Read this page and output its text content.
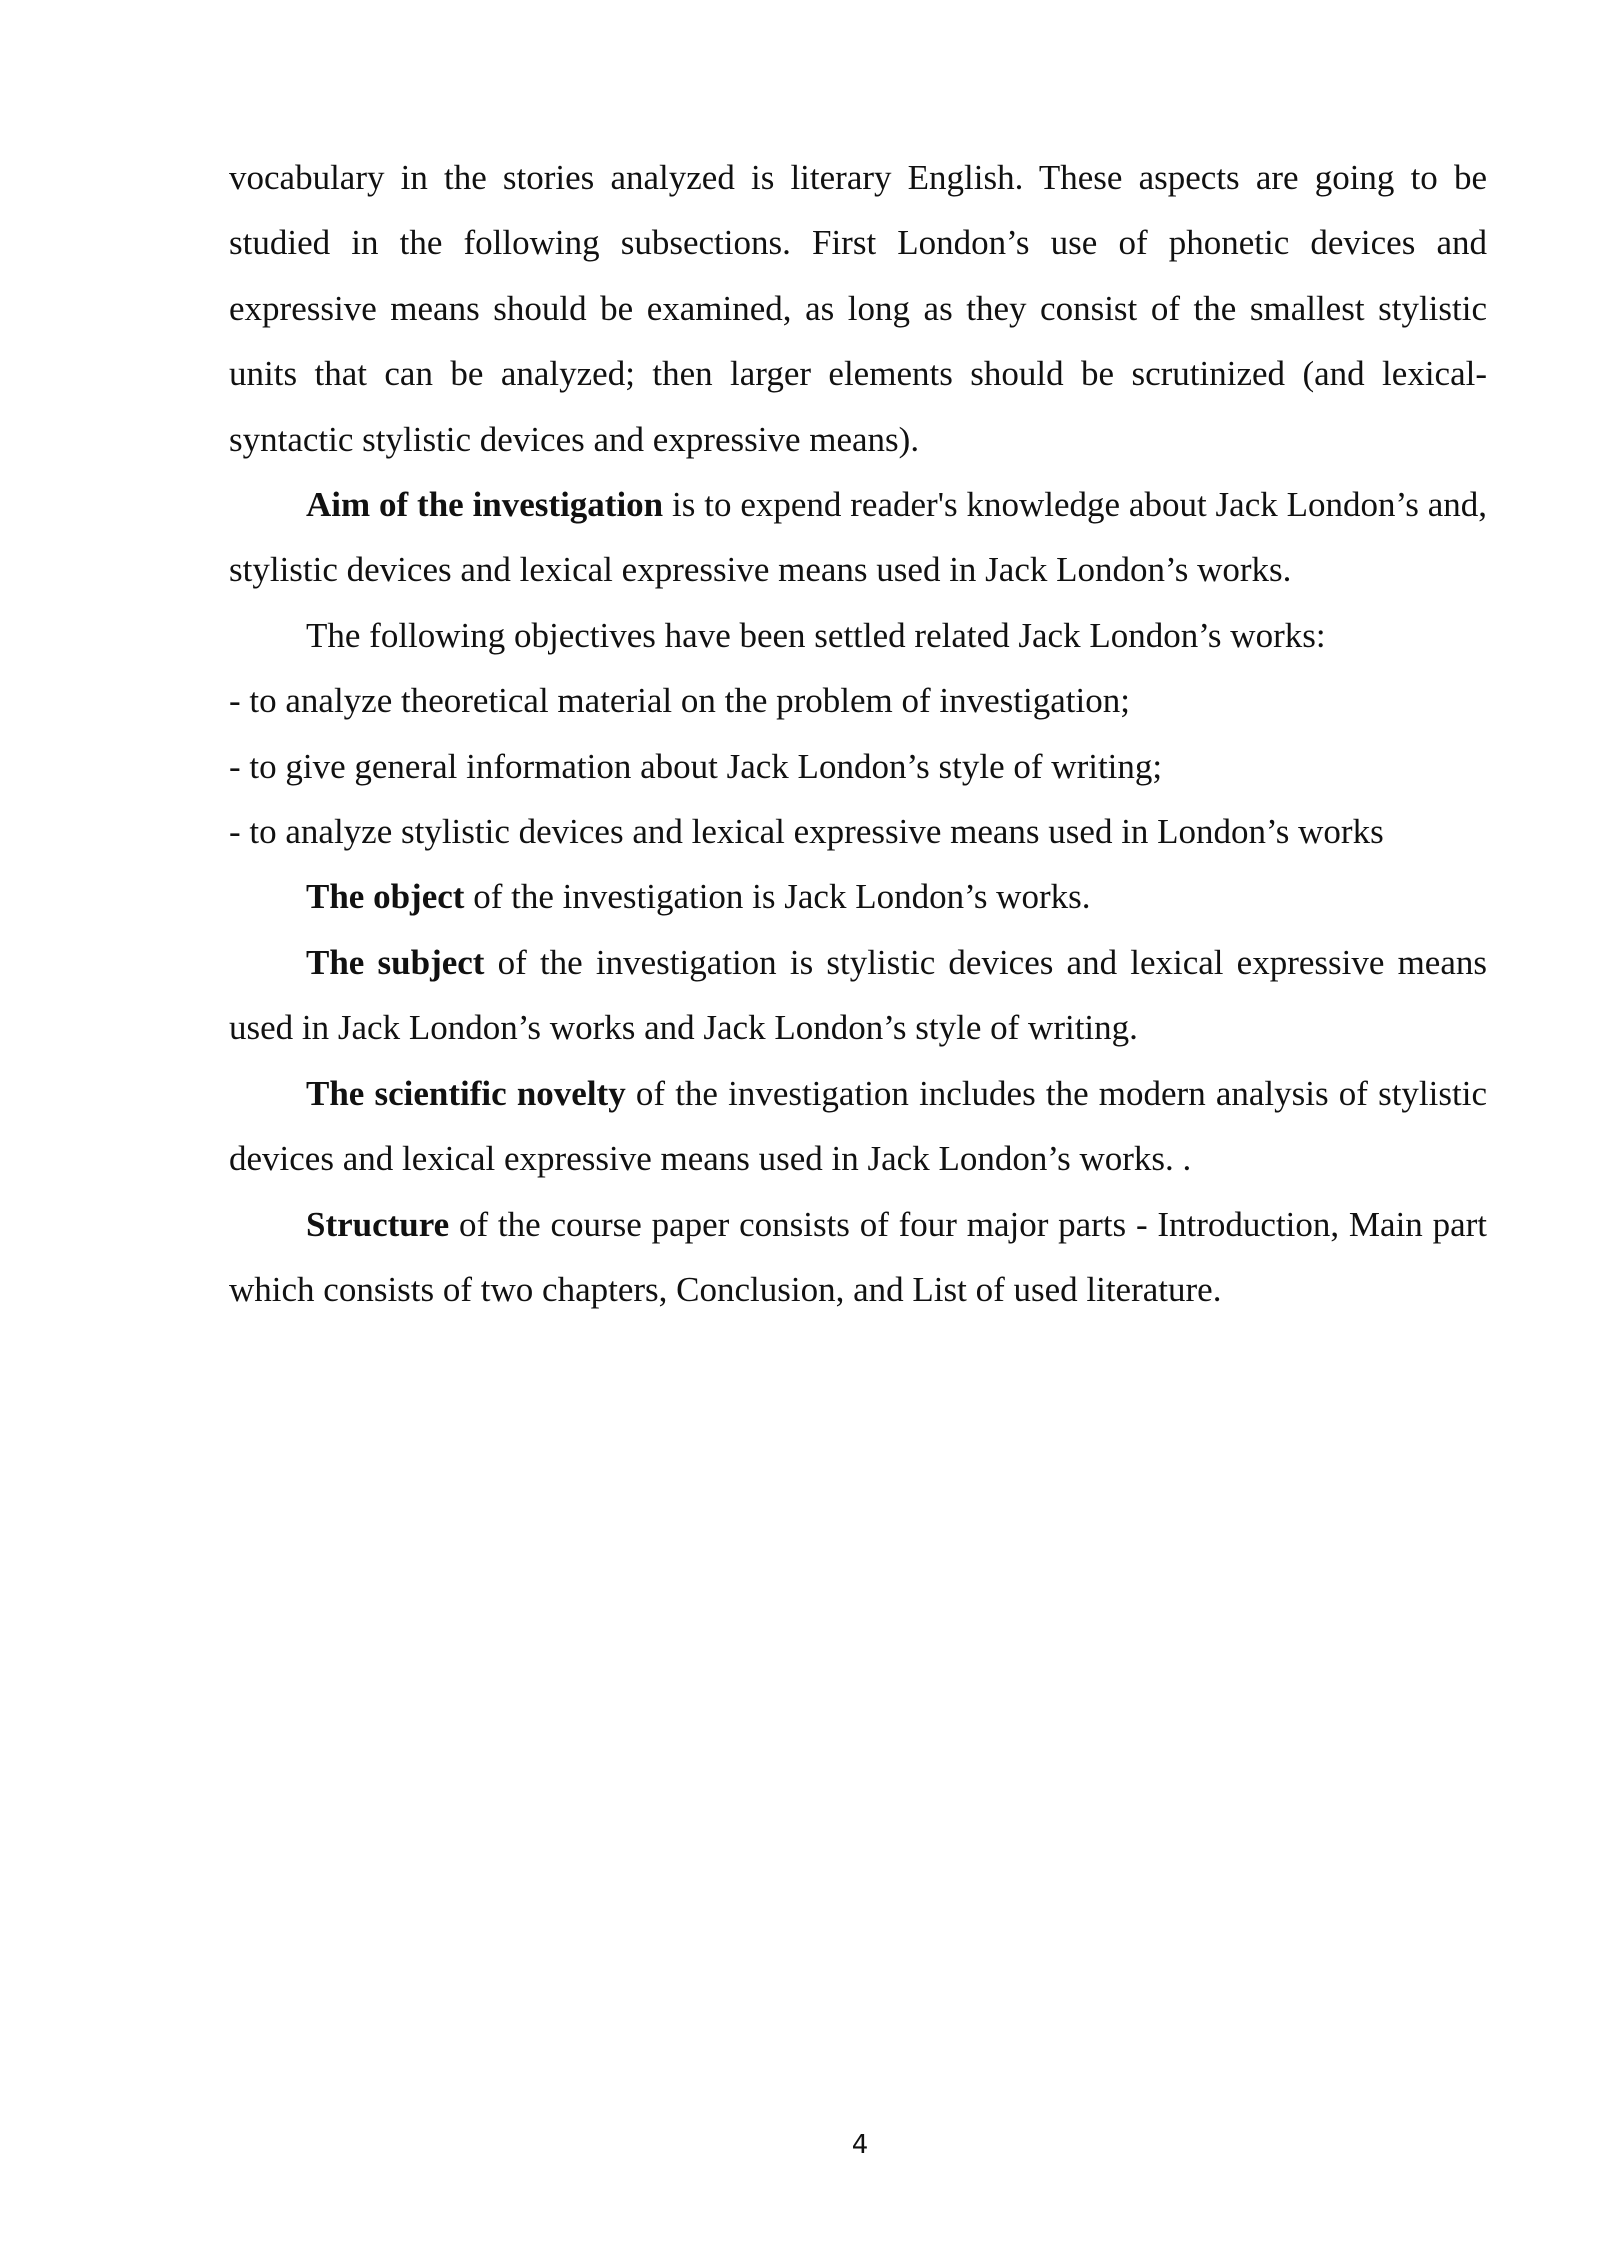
vocabulary in the stories analyzed is literary English. These aspects are going to be studied in the following subsections. First London’s use of phonetic devices and expressive means should be examined, as long as they consist of the smallest stylistic units that can be analyzed; then larger elements should be scrutinized (and lexical-syntactic stylistic devices and expressive means).

Aim of the investigation is to expend reader's knowledge about Jack London’s and, stylistic devices and lexical expressive means used in Jack London’s works.

The following objectives have been settled related Jack London’s works:

- to analyze theoretical material on the problem of investigation;

- to give general information about Jack London’s style of writing;

- to analyze stylistic devices and lexical expressive means used in London’s works

The object of the investigation is Jack London’s works.

The subject of the investigation is stylistic devices and lexical expressive means used in Jack London’s works and Jack London’s style of writing.

The scientific novelty of the investigation includes the modern analysis of stylistic devices and lexical expressive means used in Jack London’s works. .

Structure of the course paper consists of four major parts - Introduction, Main part which consists of two chapters, Conclusion, and List of used literature.

4
